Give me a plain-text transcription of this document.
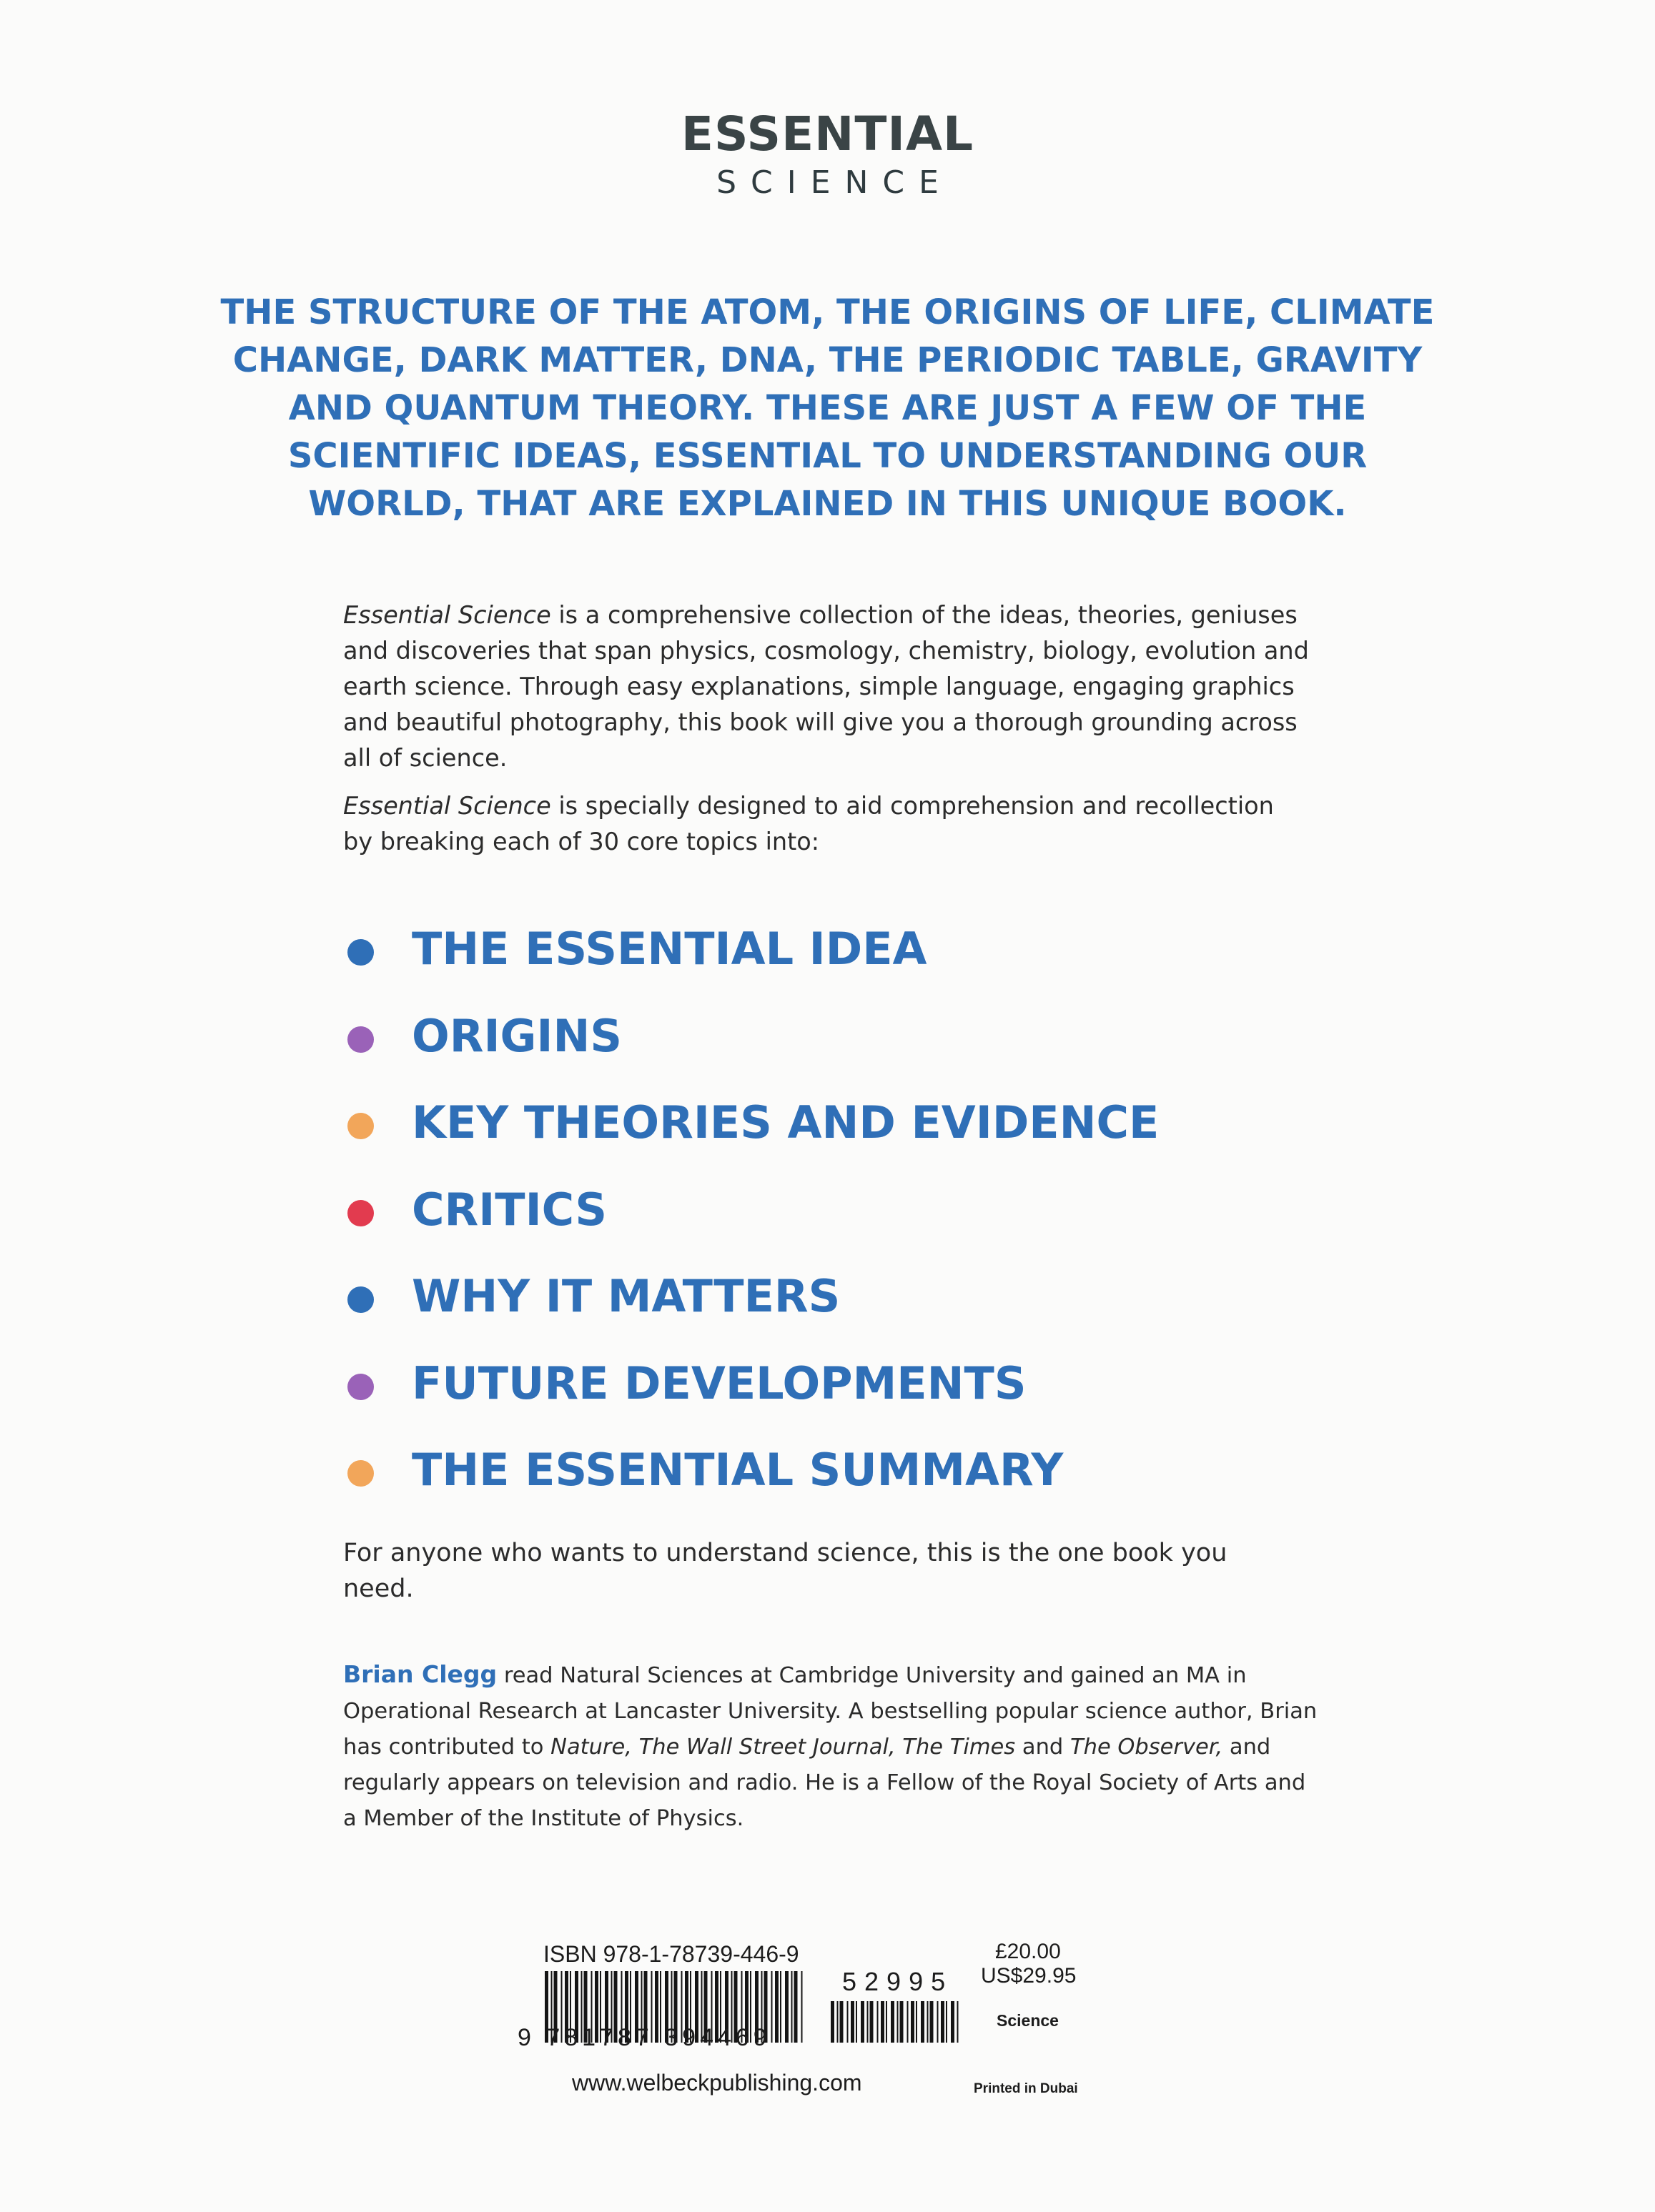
ESSENTIAL
SCIENCE
THE STRUCTURE OF THE ATOM, THE ORIGINS OF LIFE, CLIMATE
CHANGE, DARK MATTER, DNA, THE PERIODIC TABLE, GRAVITY
AND QUANTUM THEORY. THESE ARE JUST A FEW OF THE
SCIENTIFIC IDEAS, ESSENTIAL TO UNDERSTANDING OUR
WORLD, THAT ARE EXPLAINED IN THIS UNIQUE BOOK.
Essential Science is a comprehensive collection of the ideas, theories, geniuses
and discoveries that span physics, cosmology, chemistry, biology, evolution and
earth science. Through easy explanations, simple language, engaging graphics
and beautiful photography, this book will give you a thorough grounding across
all of science.
Essential Science is specially designed to aid comprehension and recollection
by breaking each of 30 core topics into:
THE ESSENTIAL IDEA
ORIGINS
KEY THEORIES AND EVIDENCE
CRITICS
WHY IT MATTERS
FUTURE DEVELOPMENTS
THE ESSENTIAL SUMMARY
For anyone who wants to understand science, this is the one book you need.
Brian Clegg read Natural Sciences at Cambridge University and gained an MA in
Operational Research at Lancaster University. A bestselling popular science author, Brian
has contributed to Nature, The Wall Street Journal, The Times and The Observer, and
regularly appears on television and radio. He is a Fellow of the Royal Society of Arts and
a Member of the Institute of Physics.
ISBN 978-1-78739-446-9
9 781787 394469
52995
£20.00
US$29.95
Science
www.welbeckpublishing.com	Printed in Dubai
